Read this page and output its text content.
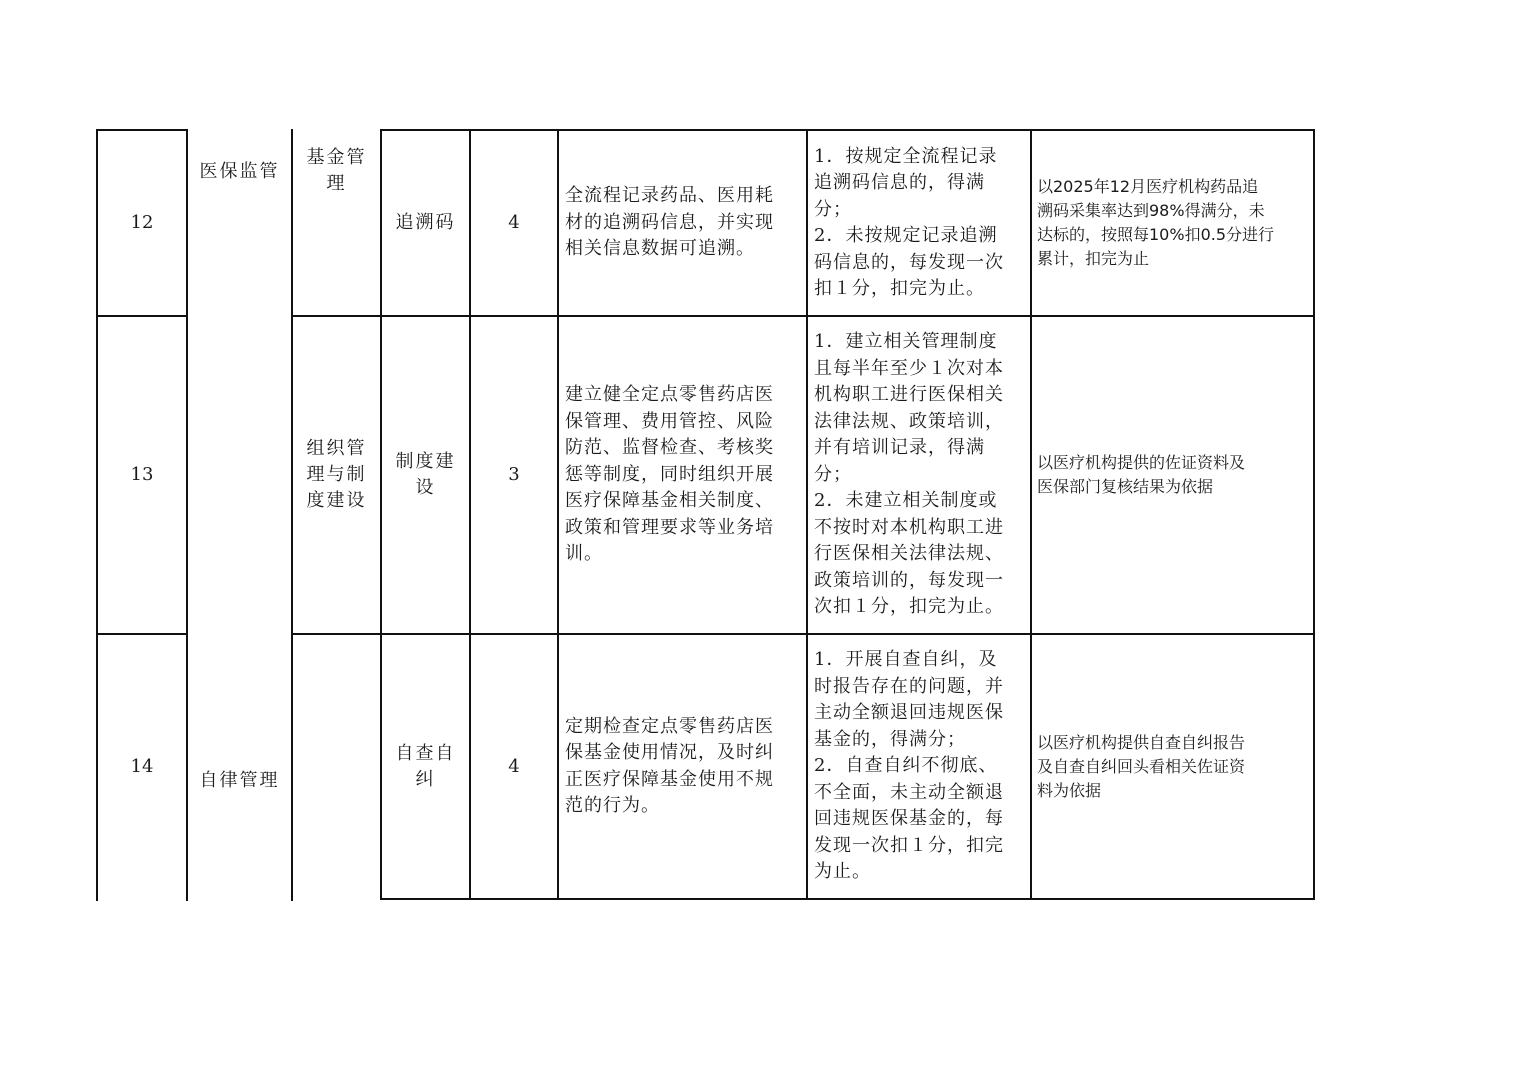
12
医保监管
基金管
理
追溯码	4
全流程记录药品、医用耗
材的追溯码信息，并实现
相关信息数据可追溯。
1．按规定全流程记录
追溯码信息的，得满
分；
2．未按规定记录追溯
码信息的，每发现一次
扣１分，扣完为止。
以2025年12月医疗机构药品追
溯码采集率达到98%得满分，未
达标的，按照每10%扣0.5分进行
累计，扣完为止
13
组织管
理与制
度建设
制度建
设
3
建立健全定点零售药店医
保管理、费用管控、风险
防范、监督检查、考核奖
惩等制度，同时组织开展
医疗保障基金相关制度、
政策和管理要求等业务培
训。
1．建立相关管理制度
且每半年至少１次对本
机构职工进行医保相关
法律法规、政策培训，
并有培训记录，得满
分；
2．未建立相关制度或
不按时对本机构职工进
行医保相关法律法规、
政策培训的，每发现一
次扣１分，扣完为止。
以医疗机构提供的佐证资料及
医保部门复核结果为依据
14
自律管理
自查自
纠
4
定期检查定点零售药店医
保基金使用情况，及时纠
正医疗保障基金使用不规
范的行为。
1．开展自查自纠，及
时报告存在的问题，并
主动全额退回违规医保
基金的，得满分；
2．自查自纠不彻底、
不全面，未主动全额退
回违规医保基金的，每
发现一次扣１分，扣完
为止。
以医疗机构提供自查自纠报告
及自查自纠回头看相关佐证资
料为依据
